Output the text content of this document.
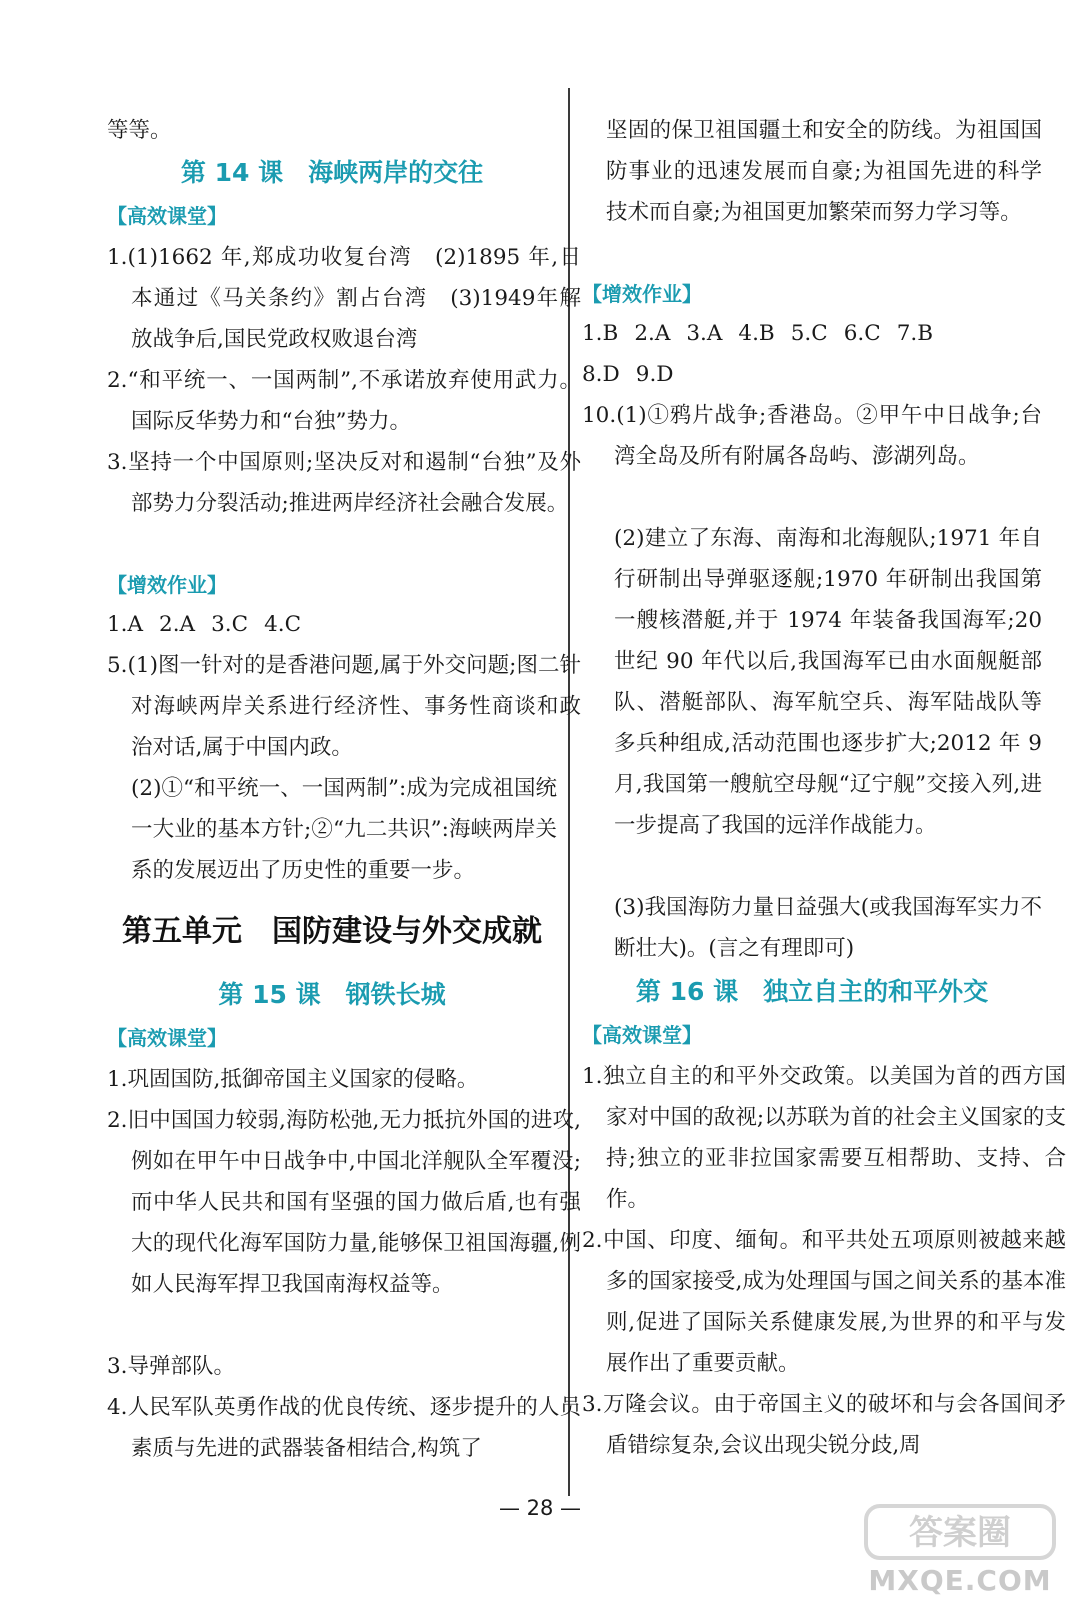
等等。

第 14 课　海峡两岸的交往
【高效课堂】

1.(1)1662 年,郑成功收复台湾　(2)1895 年,日本通过《马关条约》割占台湾　(3)1949年解放战争后,国民党政权败退台湾

2.“和平统一、一国两制”,不承诺放弃使用武力。国际反华势力和“台独”势力。

3.坚持一个中国原则;坚决反对和遏制“台独”及外部势力分裂活动;推进两岸经济社会融合发展。

【增效作业】
1.A 2.A 3.C 4.C

5.(1)图一针对的是香港问题,属于外交问题;图二针对海峡两岸关系进行经济性、事务性商谈和政治对话,属于中国内政。

(2)①“和平统一、一国两制”:成为完成祖国统一大业的基本方针;②“九二共识”:海峡两岸关系的发展迈出了历史性的重要一步。

第五单元　国防建设与外交成就
第 15 课　钢铁长城
【高效课堂】

1.巩固国防,抵御帝国主义国家的侵略。

2.旧中国国力较弱,海防松弛,无力抵抗外国的进攻,例如在甲午中日战争中,中国北洋舰队全军覆没;而中华人民共和国有坚强的国力做后盾,也有强大的现代化海军国防力量,能够保卫祖国海疆,例如人民海军捍卫我国南海权益等。

3.导弹部队。

4.人民军队英勇作战的优良传统、逐步提升的人员素质与先进的武器装备相结合,构筑了

坚固的保卫祖国疆土和安全的防线。为祖国国防事业的迅速发展而自豪;为祖国先进的科学技术而自豪;为祖国更加繁荣而努力学习等。

【增效作业】
1.B 2.A 3.A 4.B 5.C 6.C 7.B
8.D 9.D

10.(1)①鸦片战争;香港岛。②甲午中日战争;台湾全岛及所有附属各岛屿、澎湖列岛。

(2)建立了东海、南海和北海舰队;1971 年自行研制出导弹驱逐舰;1970 年研制出我国第一艘核潜艇,并于 1974 年装备我国海军;20 世纪 90 年代以后,我国海军已由水面舰艇部队、潜艇部队、海军航空兵、海军陆战队等多兵种组成,活动范围也逐步扩大;2012 年 9 月,我国第一艘航空母舰“辽宁舰”交接入列,进一步提高了我国的远洋作战能力。

(3)我国海防力量日益强大(或我国海军实力不断壮大)。(言之有理即可)

第 16 课　独立自主的和平外交
【高效课堂】

1.独立自主的和平外交政策。以美国为首的西方国家对中国的敌视;以苏联为首的社会主义国家的支持;独立的亚非拉国家需要互相帮助、支持、合作。

2.中国、印度、缅甸。和平共处五项原则被越来越多的国家接受,成为处理国与国之间关系的基本准则,促进了国际关系健康发展,为世界的和平与发展作出了重要贡献。

3.万隆会议。由于帝国主义的破坏和与会各国间矛盾错综复杂,会议出现尖锐分歧,周

— 28 —
答案圈
MXQE.COM
